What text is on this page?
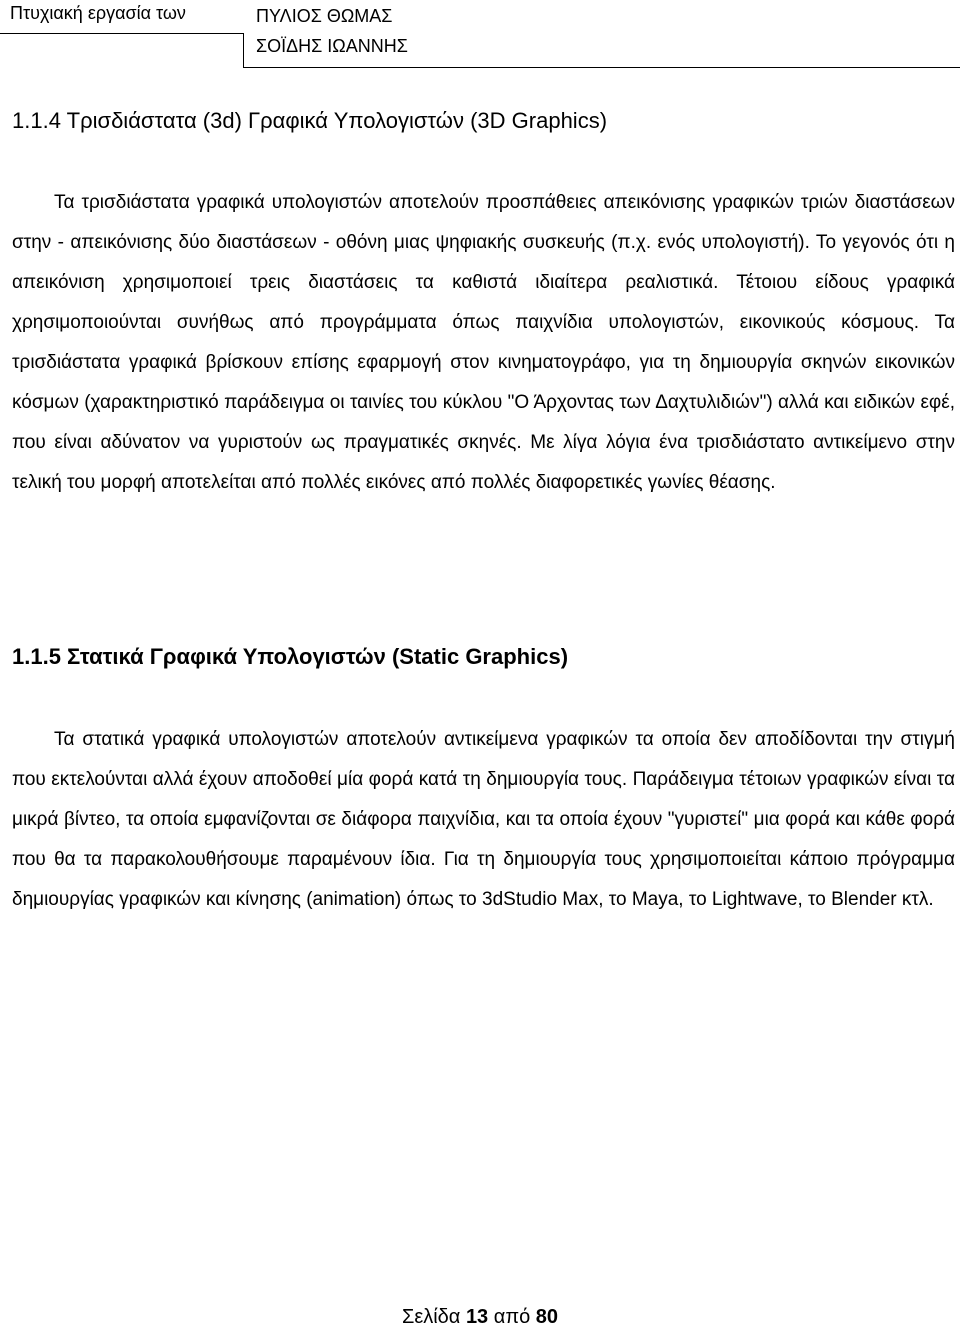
Πτυχιακή εργασία των	ΠΥΛΙΟΣ ΘΩΜΑΣ
ΣΟΪΔΗΣ ΙΩΑΝΝΗΣ
1.1.4 Τρισδιάστατα (3d) Γραφικά Υπολογιστών (3D Graphics)

Τα τρισδιάστατα γραφικά υπολογιστών αποτελούν προσπάθειες απεικόνισης γραφικών τριών διαστάσεων στην - απεικόνισης δύο διαστάσεων - οθόνη μιας ψηφιακής συσκευής (π.χ. ενός υπολογιστή). Το γεγονός ότι η απεικόνιση χρησιμοποιεί τρεις διαστάσεις τα καθιστά ιδιαίτερα ρεαλιστικά. Τέτοιου είδους γραφικά χρησιμοποιούνται συνήθως από προγράμματα όπως παιχνίδια υπολογιστών, εικονικούς κόσμους. Τα τρισδιάστατα γραφικά βρίσκουν επίσης εφαρμογή στον κινηματογράφο, για τη δημιουργία σκηνών εικονικών κόσμων (χαρακτηριστικό παράδειγμα οι ταινίες του κύκλου "Ο Άρχοντας των Δαχτυλιδιών") αλλά και ειδικών εφέ, που είναι αδύνατον να γυριστούν ως πραγματικές σκηνές. Με λίγα λόγια ένα τρισδιάστατο αντικείμενο στην τελική του μορφή αποτελείται από πολλές εικόνες από πολλές διαφορετικές γωνίες θέασης.

1.1.5 Στατικά Γραφικά Υπολογιστών (Static Graphics)

Τα στατικά γραφικά υπολογιστών αποτελούν αντικείμενα γραφικών τα οποία δεν αποδίδονται την στιγμή που εκτελούνται αλλά έχουν αποδοθεί μία φορά κατά τη δημιουργία τους. Παράδειγμα τέτοιων γραφικών είναι τα μικρά βίντεο, τα οποία εμφανίζονται σε διάφορα παιχνίδια, και τα οποία έχουν "γυριστεί" μια φορά και κάθε φορά που θα τα παρακολουθήσουμε παραμένουν ίδια. Για τη δημιουργία τους χρησιμοποιείται κάποιο πρόγραμμα δημιουργίας γραφικών και κίνησης (animation) όπως το 3dStudio Max, το Maya, το Lightwave, το Blender κτλ.

Σελίδα 13 από 80
